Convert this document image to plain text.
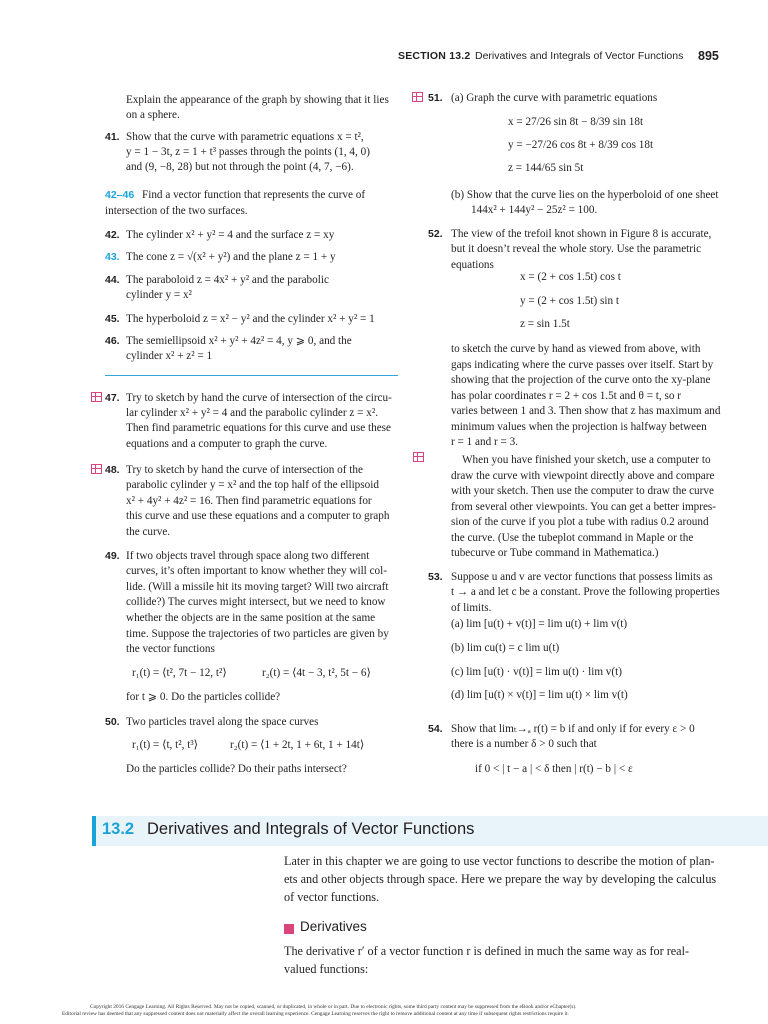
SECTION 13.2 Derivatives and Integrals of Vector Functions 895
Explain the appearance of the graph by showing that it lies
on a sphere.
41. Show that the curve with parametric equations x = t²,
y = 1 − 3t, z = 1 + t³ passes through the points (1, 4, 0)
and (9, −8, 28) but not through the point (4, 7, −6).
42–46 Find a vector function that represents the curve of
intersection of the two surfaces.
42. The cylinder x² + y² = 4 and the surface z = xy
43. The cone z = √(x² + y²) and the plane z = 1 + y
44. The paraboloid z = 4x² + y² and the parabolic
cylinder y = x²
45. The hyperboloid z = x² − y² and the cylinder x² + y² = 1
46. The semiellipsoid x² + y² + 4z² = 4, y ⩾ 0, and the
cylinder x² + z² = 1
47. Try to sketch by hand the curve of intersection of the circu-
lar cylinder x² + y² = 4 and the parabolic cylinder z = x².
Then find parametric equations for this curve and use these
equations and a computer to graph the curve.
48. Try to sketch by hand the curve of intersection of the
parabolic cylinder y = x² and the top half of the ellipsoid
x² + 4y² + 4z² = 16. Then find parametric equations for
this curve and use these equations and a computer to graph
the curve.
49. If two objects travel through space along two different
curves, it’s often important to know whether they will col-
lide. (Will a missile hit its moving target? Will two aircraft
collide?) The curves might intersect, but we need to know
whether the objects are in the same position at the same
time. Suppose the trajectories of two particles are given by
the vector functions
r₁(t) = ⟨t², 7t − 12, t²⟩	r₂(t) = ⟨4t − 3, t², 5t − 6⟩
for t ⩾ 0. Do the particles collide?
50. Two particles travel along the space curves
r₁(t) = ⟨t, t², t³⟩	r₂(t) = ⟨1 + 2t, 1 + 6t, 1 + 14t⟩
Do the particles collide? Do their paths intersect?
51. (a) Graph the curve with parametric equations
x = 27/26 sin 8t − 8/39 sin 18t
y = −27/26 cos 8t + 8/39 cos 18t
z = 144/65 sin 5t
(b) Show that the curve lies on the hyperboloid of one sheet
144x² + 144y² − 25z² = 100.
52. The view of the trefoil knot shown in Figure 8 is accurate,
but it doesn’t reveal the whole story. Use the parametric
equations
x = (2 + cos 1.5t) cos t
y = (2 + cos 1.5t) sin t
z = sin 1.5t
to sketch the curve by hand as viewed from above, with
gaps indicating where the curve passes over itself. Start by
showing that the projection of the curve onto the xy-plane
has polar coordinates r = 2 + cos 1.5t and θ = t, so r
varies between 1 and 3. Then show that z has maximum and
minimum values when the projection is halfway between
r = 1 and r = 3.
When you have finished your sketch, use a computer to
draw the curve with viewpoint directly above and compare
with your sketch. Then use the computer to draw the curve
from several other viewpoints. You can get a better impres-
sion of the curve if you plot a tube with radius 0.2 around
the curve. (Use the tubeplot command in Maple or the
tubecurve or Tube command in Mathematica.)
53. Suppose u and v are vector functions that possess limits as
t → a and let c be a constant. Prove the following properties
of limits.
(a) lim [u(t) + v(t)] = lim u(t) + lim v(t)
(b) lim cu(t) = c lim u(t)
(c) lim [u(t) · v(t)] = lim u(t) · lim v(t)
(d) lim [u(t) × v(t)] = lim u(t) × lim v(t)
54. Show that limₜ→ₐ r(t) = b if and only if for every ε > 0
there is a number δ > 0 such that
if 0 < | t − a | < δ then | r(t) − b | < ε
13.2 Derivatives and Integrals of Vector Functions
Later in this chapter we are going to use vector functions to describe the motion of plan-
ets and other objects through space. Here we prepare the way by developing the calculus
of vector functions.
Derivatives
The derivative r′ of a vector function r is defined in much the same way as for real-
valued functions:
Copyright 2016 Cengage Learning. All Rights Reserved. May not be copied, scanned, or duplicated, in whole or in part. Due to electronic rights, some third party content may be suppressed from the eBook and/or eChapter(s).
Editorial review has deemed that any suppressed content does not materially affect the overall learning experience. Cengage Learning reserves the right to remove additional content at any time if subsequent rights restrictions require it.
